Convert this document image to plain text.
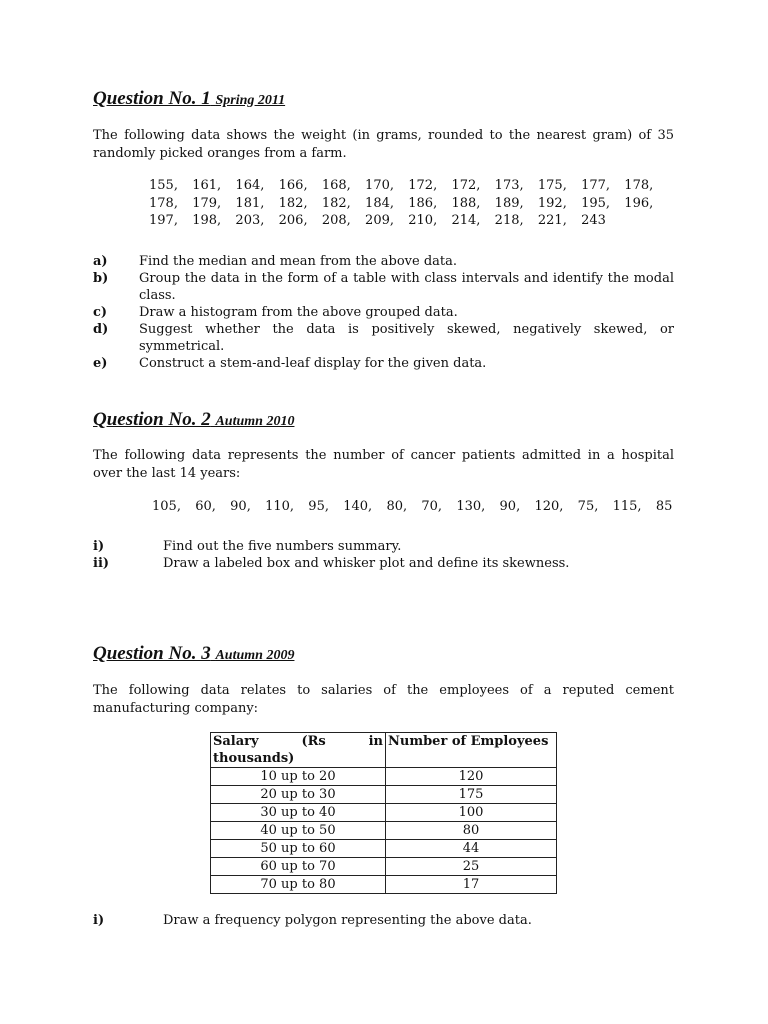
Question No. 1 Spring 2011
The following data shows the weight (in grams, rounded to the nearest gram) of 35 randomly picked oranges from a farm.
155,  161,  164,  166,  168,  170,  172,  172,  173,  175,  177,  178,
178,  179,  181,  182,  182,  184,  186,  188,  189,  192,  195,  196,
197,  198,  203,  206,  208,  209,  210,  214,  218,  221,  243
a)	Find the median and mean from the above data.
b)	Group the data in the form of a table with class intervals and identify the modal class.
c)	Draw a histogram from the above grouped data.
d)	Suggest whether the data is positively skewed, negatively skewed, or symmetrical.
e)	Construct a stem-and-leaf display for the given data.
Question No. 2 Autumn 2010
The following data represents the number of cancer patients admitted in a hospital over the last 14 years:
105,  60,  90,  110,  95,  140,  80,  70,  130,  90,  120,  75,  115,  85
i)	Find out the five numbers summary.
ii)	Draw a labeled box and whisker plot and define its skewness.
Question No. 3 Autumn 2009
The following data relates to salaries of the employees of a reputed cement manufacturing company:
Salary (Rs in
thousands)	Number of Employees
10 up to 20	120
20 up to 30	175
30 up to 40	100
40 up to 50	80
50 up to 60	44
60 up to 70	25
70 up to 80	17
i)	Draw a frequency polygon representing the above data.
